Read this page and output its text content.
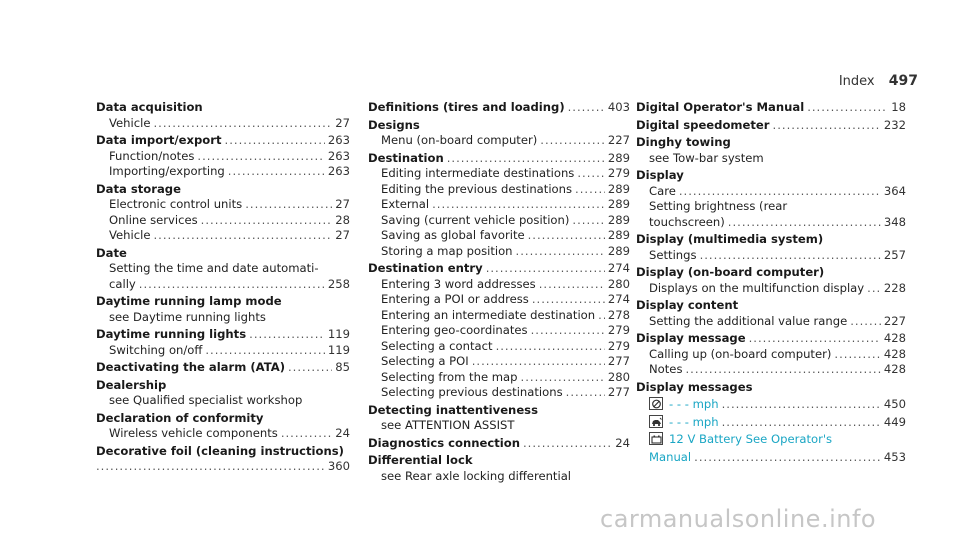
Index 497
Data acquisition
Vehicle .....	27
Data import/export .....	263
Function/notes .....	263
Importing/exporting .....	263
Data storage
Electronic control units .....	27
Online services .....	28
Vehicle .....	27
Date
Setting the time and date automati-
cally .....	258
Daytime running lamp mode
see Daytime running lights
Daytime running lights .....	119
Switching on/off .....	119
Deactivating the alarm (ATA) .....	85
Dealership
see Qualified specialist workshop
Declaration of conformity
Wireless vehicle components .....	24
Decorative foil (cleaning instructions)
.....
360
Definitions (tires and loading) .....	403
Designs
Menu (on-board computer) .....	227
Destination .....	289
Editing intermediate destinations .....	279
Editing the previous destinations .....	289
External .....	289
Saving (current vehicle position) .....	289
Saving as global favorite .....	289
Storing a map position .....	289
Destination entry .....	274
Entering 3 word addresses .....	280
Entering a POI or address .....	274
Entering an intermediate destination ..... 278
Entering geo-coordinates .....	279
Selecting a contact .....	279
Selecting a POI .....	277
Selecting from the map .....	280
Selecting previous destinations .....	277
Detecting inattentiveness
see ATTENTION ASSIST
Diagnostics connection .....	24
Differential lock
see Rear axle locking differential
Digital Operator's Manual .....	18
Digital speedometer .....	232
Dinghy towing
see Tow-bar system
Display
Care .....	364
Setting brightness (rear
touchscreen) .....	348
Display (multimedia system)
Settings .....	257
Display (on-board computer)
Displays on the multifunction display ..... 228
Display content
Setting the additional value range .....	227
Display message .....	428
Calling up (on-board computer) .....	428
Notes .....	428
Display messages
- - - mph .....	450
- - - mph .....	449
12 V Battery See Operator's
Manual .....	453
carmanualsonline.info
